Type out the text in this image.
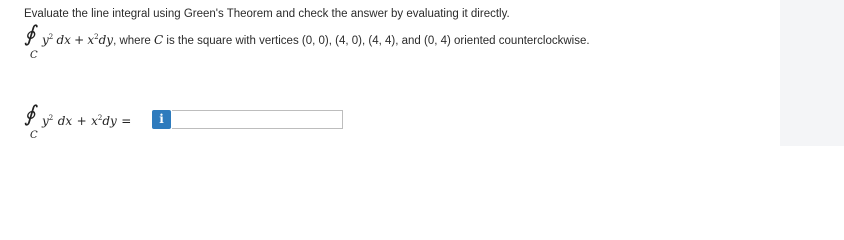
Evaluate the line integral using Green's Theorem and check the answer by evaluating it directly.
∮
C
$y^2$ dx + $x^2dy$, where C is the square with vertices (0, 0), (4, 0), (4, 4), and (0, 4) oriented counterclockwise.
∮
C
$y^2$ dx + $x^2dy$ =	i
